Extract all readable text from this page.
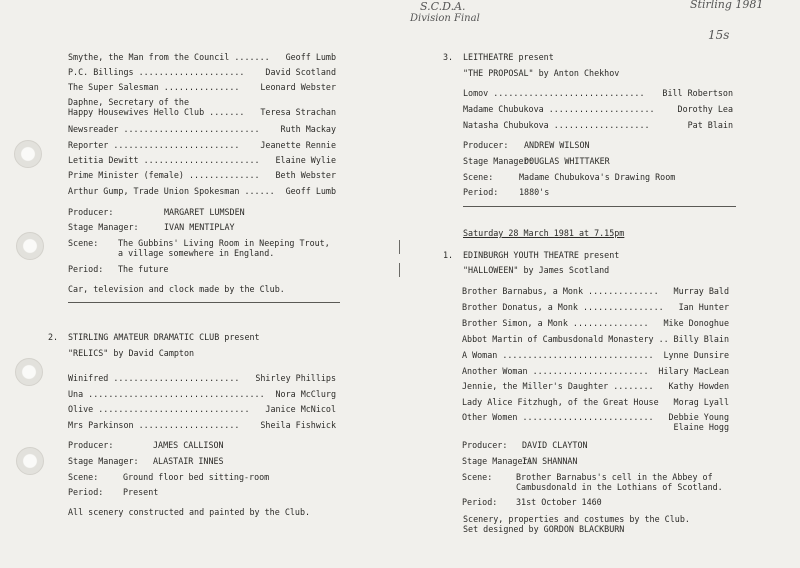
S.C.D.A.
Division Final
Stirling 1981
15s
Smythe, the Man from the Council ....... Geoff Lumb
P.C. Billings ..................... David Scotland
The Super Salesman ............... Leonard Webster
Daphne, Secretary of the
Happy Housewives Hello Club ....... Teresa Strachan
Newsreader ........................... Ruth Mackay
Reporter ......................... Jeanette Rennie
Letitia Dewitt ....................... Elaine Wylie
Prime Minister (female) .............. Beth Webster
Arthur Gump, Trade Union Spokesman ...... Geoff Lumb
Producer:	MARGARET LUMSDEN
Stage Manager:	IVAN MENTIPLAY
Scene: The Gubbins' Living Room in Neeping Trout,
a village somewhere in England.
Period: The future
Car, television and clock made by the Club.
2. STIRLING AMATEUR DRAMATIC CLUB present
"RELICS" by David Campton
Winifred ......................... Shirley Phillips
Una ................................... Nora McClurg
Olive .............................. Janice McNicol
Mrs Parkinson .................... Sheila Fishwick
Producer:	JAMES CALLISON
Stage Manager: ALASTAIR INNES
Scene:	Ground floor bed sitting-room
Period: Present
All scenery constructed and painted by the Club.
3. LEITHEATRE present
"THE PROPOSAL" by Anton Chekhov
Lomov .............................. Bill Robertson
Madame Chubukova .....................	Dorothy Lea
Natasha Chubukova ...................	Pat Blain
Producer: ANDREW WILSON
Stage Manager:
DOUGLAS WHITTAKER
Scene:	Madame Chubukova's Drawing Room
Period: 1880's
Saturday 28 March 1981 at 7.15pm
1. EDINBURGH YOUTH THEATRE present
"HALLOWEEN" by James Scotland
Brother Barnabus, a Monk .............. Murray Bald
Brother Donatus, a Monk ................ Ian Hunter
Brother Simon, a Monk ............... Mike Donoghue
Abbot Martin of Cambusdonald Monastery .. Billy Blain
A Woman .............................. Lynne Dunsire
Another Woman ....................... Hilary MacLean
Jennie, the Miller's Daughter ........ Kathy Howden
Lady Alice Fitzhugh, of the Great House Morag Lyall
Other Women .......................... Debbie Young
Elaine Hogg
Producer: DAVID CLAYTON
Stage Manager:
IAN SHANNAN
Scene:	Brother Barnabus's cell in the Abbey of
Cambusdonald in the Lothians of Scotland.
Period: 31st October 1460
Scenery, properties and costumes by the Club.
Set designed by GORDON BLACKBURN
